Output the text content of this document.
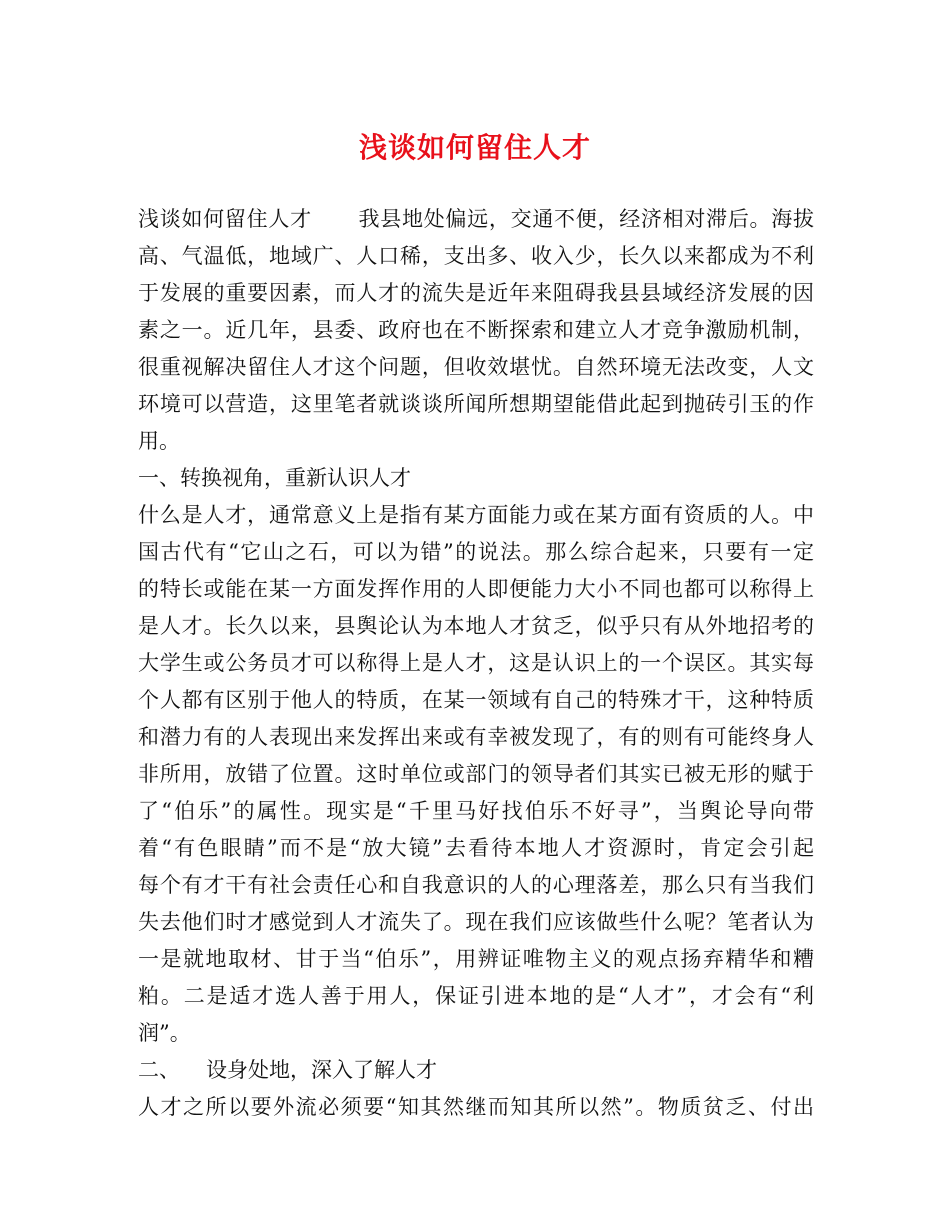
浅谈如何留住人才
浅谈如何留住人才 我县地处偏远，交通不便，经济相对滞后。海拔
高、气温低，地域广、人口稀，支出多、收入少，长久以来都成为不利
于发展的重要因素，而人才的流失是近年来阻碍我县县域经济发展的因
素之一。近几年，县委、政府也在不断探索和建立人才竞争激励机制，
很重视解决留住人才这个问题，但收效堪忧。自然环境无法改变，人文
环境可以营造，这里笔者就谈谈所闻所想期望能借此起到抛砖引玉的作
用。
一、转换视角，重新认识人才
什么是人才，通常意义上是指有某方面能力或在某方面有资质的人。中
国古代有“它山之石，可以为错”的说法。那么综合起来，只要有一定
的特长或能在某一方面发挥作用的人即便能力大小不同也都可以称得上
是人才。长久以来，县舆论认为本地人才贫乏，似乎只有从外地招考的
大学生或公务员才可以称得上是人才，这是认识上的一个误区。其实每
个人都有区别于他人的特质，在某一领域有自己的特殊才干，这种特质
和潜力有的人表现出来发挥出来或有幸被发现了，有的则有可能终身人
非所用，放错了位置。这时单位或部门的领导者们其实已被无形的赋于
了“伯乐”的属性。现实是“千里马好找伯乐不好寻”，当舆论导向带
着“有色眼睛”而不是“放大镜”去看待本地人才资源时，肯定会引起
每个有才干有社会责任心和自我意识的人的心理落差，那么只有当我们
失去他们时才感觉到人才流失了。现在我们应该做些什么呢？笔者认为
一是就地取材、甘于当“伯乐”，用辨证唯物主义的观点扬弃精华和糟
粕。二是适才选人善于用人，保证引进本地的是“人才”，才会有“利
润”。
二、 设身处地，深入了解人才
人才之所以要外流必须要“知其然继而知其所以然”。物质贫乏、付出
